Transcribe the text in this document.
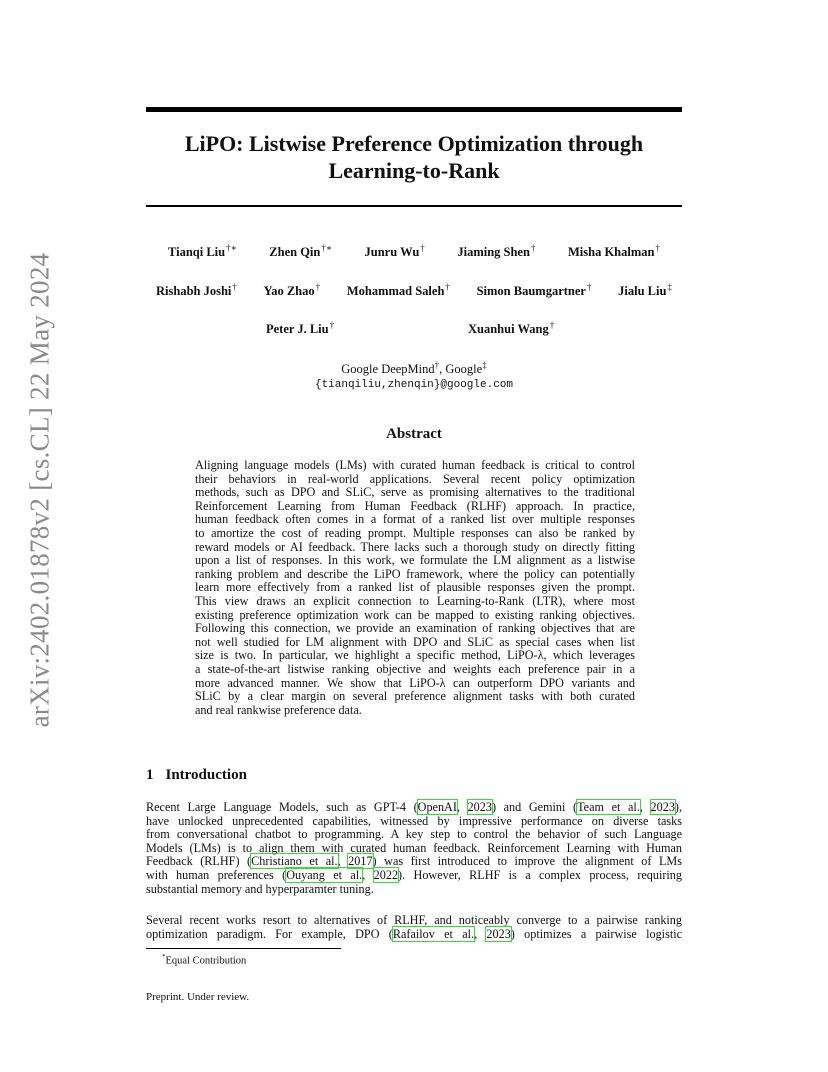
arXiv:2402.01878v2 [cs.CL] 22 May 2024
LiPO: Listwise Preference Optimization through
Learning-to-Rank
Tianqi Liu†∗	Zhen Qin†∗	Junru Wu†	Jiaming Shen†	Misha Khalman†
Rishabh Joshi† Yao Zhao† Mohammad Saleh† Simon Baumgartner† Jialu Liu‡
Peter J. Liu†	Xuanhui Wang†
Google DeepMind†, Google‡
{tianqiliu,zhenqin}@google.com
Abstract
Aligning language models (LMs) with curated human feedback is critical to control
their behaviors in real-world applications. Several recent policy optimization
methods, such as DPO and SLiC, serve as promising alternatives to the traditional
Reinforcement Learning from Human Feedback (RLHF) approach. In practice,
human feedback often comes in a format of a ranked list over multiple responses
to amortize the cost of reading prompt. Multiple responses can also be ranked by
reward models or AI feedback. There lacks such a thorough study on directly fitting
upon a list of responses. In this work, we formulate the LM alignment as a listwise
ranking problem and describe the LiPO framework, where the policy can potentially
learn more effectively from a ranked list of plausible responses given the prompt.
This view draws an explicit connection to Learning-to-Rank (LTR), where most
existing preference optimization work can be mapped to existing ranking objectives.
Following this connection, we provide an examination of ranking objectives that are
not well studied for LM alignment with DPO and SLiC as special cases when list
size is two. In particular, we highlight a specific method, LiPO-λ, which leverages
a state-of-the-art listwise ranking objective and weights each preference pair in a
more advanced manner. We show that LiPO-λ can outperform DPO variants and
SLiC by a clear margin on several preference alignment tasks with both curated
and real rankwise preference data.
1 Introduction
Recent Large Language Models, such as GPT-4 (OpenAI, 2023) and Gemini (Team et al., 2023),
have unlocked unprecedented capabilities, witnessed by impressive performance on diverse tasks
from conversational chatbot to programming. A key step to control the behavior of such Language
Models (LMs) is to align them with curated human feedback. Reinforcement Learning with Human
Feedback (RLHF) (Christiano et al., 2017) was first introduced to improve the alignment of LMs
with human preferences (Ouyang et al., 2022). However, RLHF is a complex process, requiring
substantial memory and hyperparamter tuning.
Several recent works resort to alternatives of RLHF, and noticeably converge to a pairwise ranking
optimization paradigm. For example, DPO (Rafailov et al., 2023) optimizes a pairwise logistic
*Equal Contribution
Preprint. Under review.
